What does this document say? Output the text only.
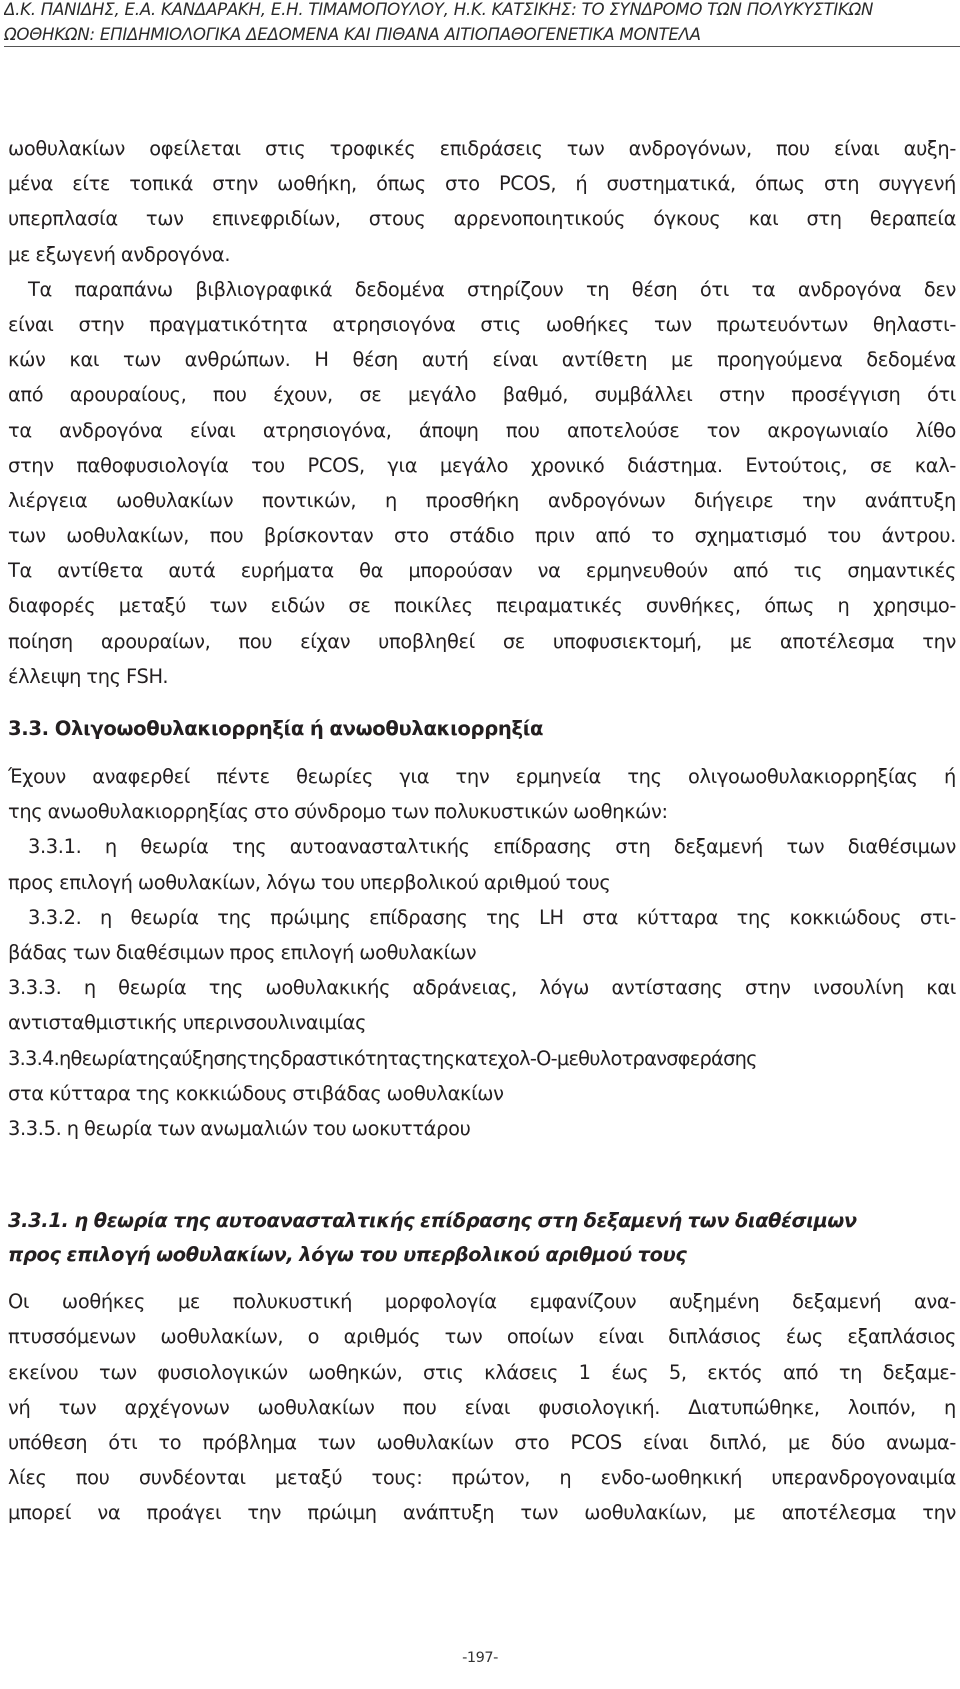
Δ.Κ. ΠΑΝΙΔΗΣ, Ε.Α. ΚΑΝΔΑΡΑΚΗ, Ε.Η. ΤΙΜΑΜΟΠΟΥΛΟΥ, Η.Κ. ΚΑΤΣΙΚΗΣ: ΤΟ ΣΥΝΔΡΟΜΟ ΤΩΝ ΠΟΛΥΚΥΣΤΙΚΩΝ
ΩΟΘΗΚΩΝ: ΕΠΙΔΗΜΙΟΛΟΓΙΚΑ ΔΕΔΟΜΕΝΑ ΚΑΙ ΠΙΘΑΝΑ ΑΙΤΙΟΠΑΘΟΓΕΝΕΤΙΚΑ ΜΟΝΤΕΛΑ
ωοθυλακίων οφείλεται στις τροφικές επιδράσεις των ανδρογόνων, που είναι αυξη-
μένα είτε τοπικά στην ωοθήκη, όπως στο PCOS, ή συστηματικά, όπως στη συγγενή
υπερπλασία των επινεφριδίων, στους αρρενοποιητικούς όγκους και στη θεραπεία
με εξωγενή ανδρογόνα.
Τα παραπάνω βιβλιογραφικά δεδομένα στηρίζουν τη θέση ότι τα ανδρογόνα δεν
είναι στην πραγματικότητα ατρησιογόνα στις ωοθήκες των πρωτευόντων θηλαστι-
κών και των ανθρώπων. Η θέση αυτή είναι αντίθετη με προηγούμενα δεδομένα
από αρουραίους, που έχουν, σε μεγάλο βαθμό, συμβάλλει στην προσέγγιση ότι
τα ανδρογόνα είναι ατρησιογόνα, άποψη που αποτελούσε τον ακρογωνιαίο λίθο
στην παθοφυσιολογία του PCOS, για μεγάλο χρονικό διάστημα. Εντούτοις, σε καλ-
λιέργεια ωοθυλακίων ποντικών, η προσθήκη ανδρογόνων διήγειρε την ανάπτυξη
των ωοθυλακίων, που βρίσκονταν στο στάδιο πριν από το σχηματισμό του άντρου.
Τα αντίθετα αυτά ευρήματα θα μπορούσαν να ερμηνευθούν από τις σημαντικές
διαφορές μεταξύ των ειδών σε ποικίλες πειραματικές συνθήκες, όπως η χρησιμο-
ποίηση αρουραίων, που είχαν υποβληθεί σε υποφυσιεκτομή, με αποτέλεσμα την
έλλειψη της FSH.
3.3. Ολιγοωοθυλακιορρηξία ή ανωοθυλακιορρηξία
Έχουν αναφερθεί πέντε θεωρίες για την ερμηνεία της ολιγοωοθυλακιορρηξίας ή
της ανωοθυλακιορρηξίας στο σύνδρομο των πολυκυστικών ωοθηκών:
3.3.1. η θεωρία της αυτοανασταλτικής επίδρασης στη δεξαμενή των διαθέσιμων
προς επιλογή ωοθυλακίων, λόγω του υπερβολικού αριθμού τους
3.3.2. η θεωρία της πρώιμης επίδρασης της LH στα κύτταρα της κοκκιώδους στι-
βάδας των διαθέσιμων προς επιλογή ωοθυλακίων
3.3.3. η θεωρία της ωοθυλακικής αδράνειας, λόγω αντίστασης στην ινσουλίνη και
αντισταθμιστικής υπερινσουλιναιμίας
3.3.4.ηθεωρίατηςαύξησηςτηςδραστικότηταςτηςκατεχολ-Ο-μεθυλοτρανσφεράσης
στα κύτταρα της κοκκιώδους στιβάδας ωοθυλακίων
3.3.5. η θεωρία των ανωμαλιών του ωοκυττάρου
3.3.1. η θεωρία της αυτοανασταλτικής επίδρασης στη δεξαμενή των διαθέσιμων
προς επιλογή ωοθυλακίων, λόγω του υπερβολικού αριθμού τους
Οι ωοθήκες με πολυκυστική μορφολογία εμφανίζουν αυξημένη δεξαμενή ανα-
πτυσσόμενων ωοθυλακίων, ο αριθμός των οποίων είναι διπλάσιος έως εξαπλάσιος
εκείνου των φυσιολογικών ωοθηκών, στις κλάσεις 1 έως 5, εκτός από τη δεξαμε-
νή των αρχέγονων ωοθυλακίων που είναι φυσιολογική. Διατυπώθηκε, λοιπόν, η
υπόθεση ότι το πρόβλημα των ωοθυλακίων στο PCOS είναι διπλό, με δύο ανωμα-
λίες που συνδέονται μεταξύ τους: πρώτον, η ενδο-ωοθηκική υπερανδρογοναιμία
μπορεί να προάγει την πρώιμη ανάπτυξη των ωοθυλακίων, με αποτέλεσμα την
-197-
